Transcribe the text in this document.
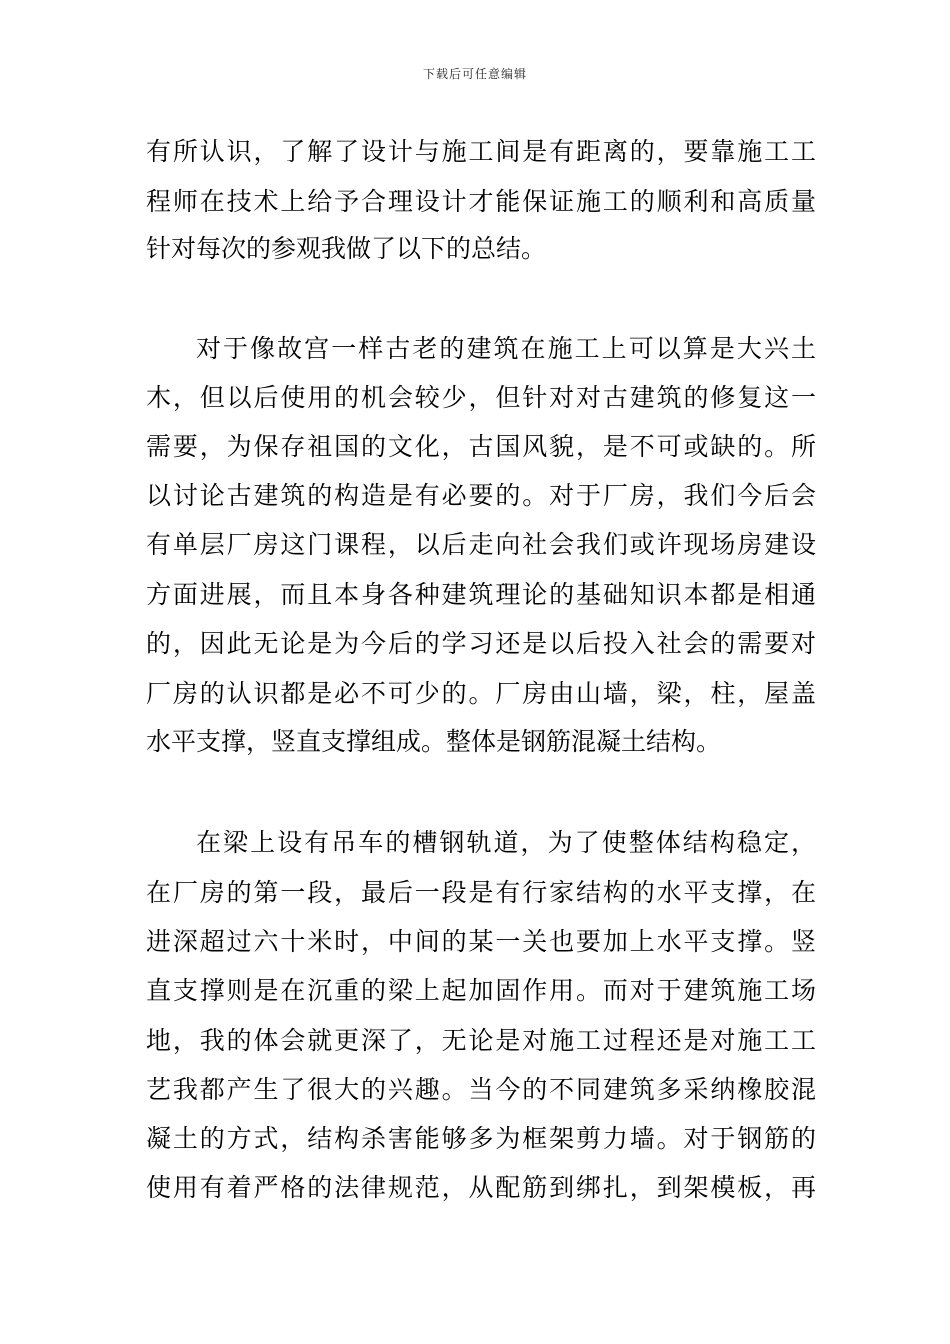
下载后可任意编辑
有所认识，了解了设计与施工间是有距离的，要靠施工工
程师在技术上给予合理设计才能保证施工的顺利和高质量
针对每次的参观我做了以下的总结。
对于像故宫一样古老的建筑在施工上可以算是大兴土
木，但以后使用的机会较少，但针对对古建筑的修复这一
需要，为保存祖国的文化，古国风貌，是不可或缺的。所
以讨论古建筑的构造是有必要的。对于厂房，我们今后会
有单层厂房这门课程，以后走向社会我们或许现场房建设
方面进展，而且本身各种建筑理论的基础知识本都是相通
的，因此无论是为今后的学习还是以后投入社会的需要对
厂房的认识都是必不可少的。厂房由山墙，梁，柱，屋盖
水平支撑，竖直支撑组成。整体是钢筋混凝土结构。
在梁上设有吊车的槽钢轨道，为了使整体结构稳定，
在厂房的第一段，最后一段是有行家结构的水平支撑，在
进深超过六十米时，中间的某一关也要加上水平支撑。竖
直支撑则是在沉重的梁上起加固作用。而对于建筑施工场
地，我的体会就更深了，无论是对施工过程还是对施工工
艺我都产生了很大的兴趣。当今的不同建筑多采纳橡胶混
凝土的方式，结构杀害能够多为框架剪力墙。对于钢筋的
使用有着严格的法律规范，从配筋到绑扎，到架模板，再
